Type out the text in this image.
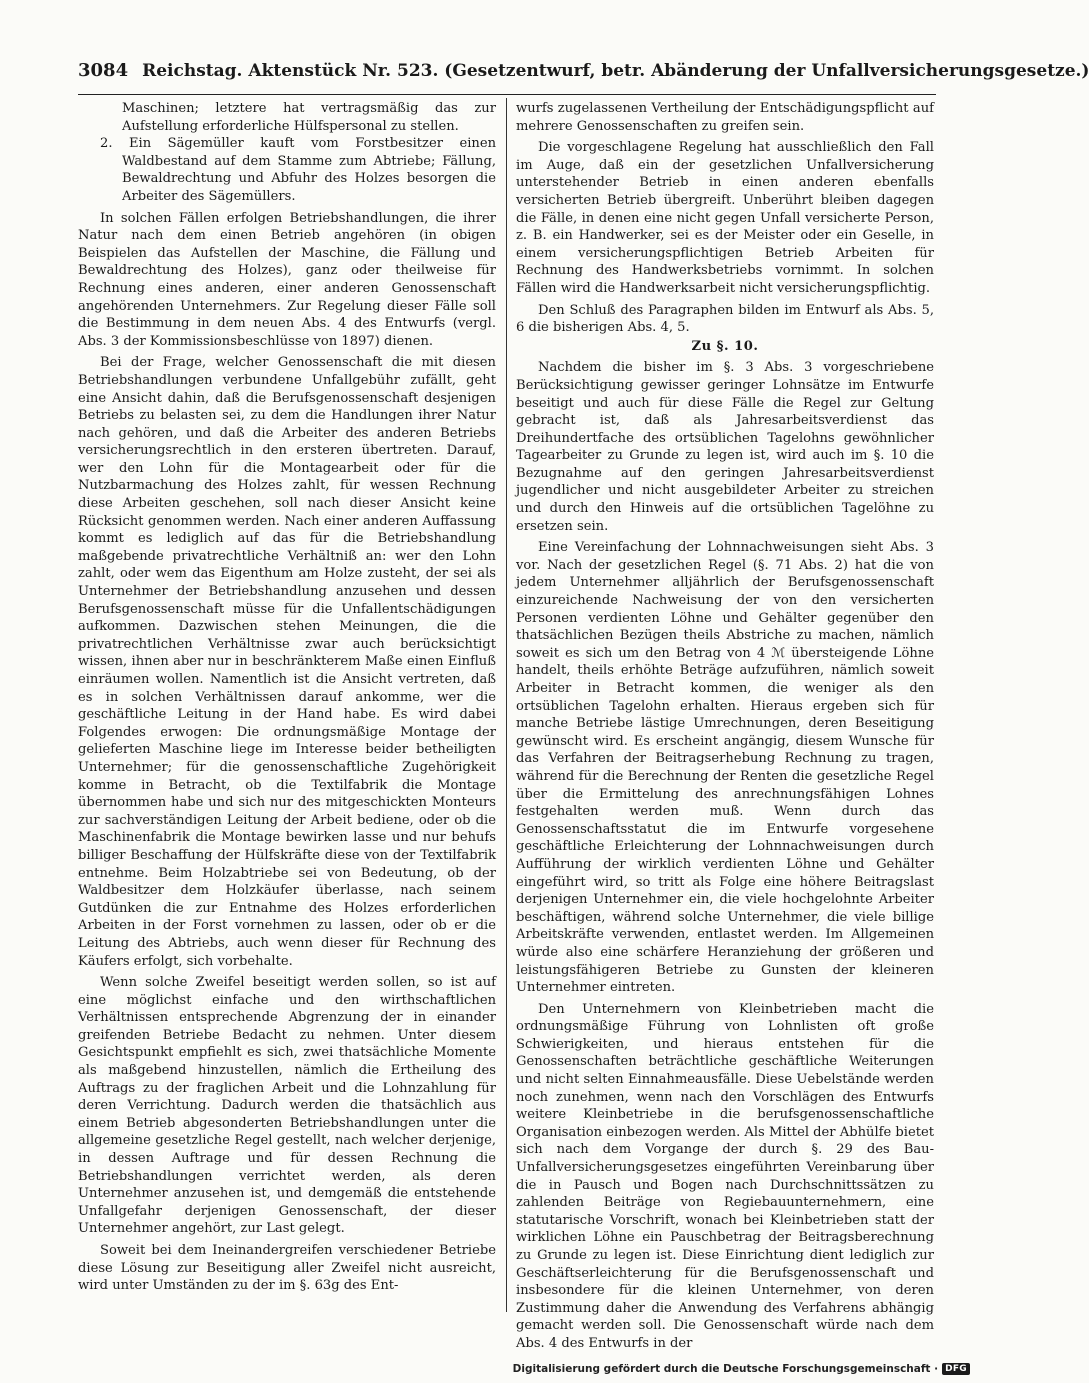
3084 Reichstag. Aktenstück Nr. 523. (Gesetzentwurf, betr. Abänderung der Unfallversicherungsgesetze.)

Maschinen; letztere hat vertragsmäßig das zur Aufstellung erforderliche Hülfspersonal zu stellen.

2. Ein Sägemüller kauft vom Forstbesitzer einen Waldbestand auf dem Stamme zum Abtriebe; Fällung, Bewaldrechtung und Abfuhr des Holzes besorgen die Arbeiter des Sägemüllers.

In solchen Fällen erfolgen Betriebshandlungen, die ihrer Natur nach dem einen Betrieb angehören (in obigen Beispielen das Aufstellen der Maschine, die Fällung und Bewaldrechtung des Holzes), ganz oder theilweise für Rechnung eines anderen, einer anderen Genossenschaft angehörenden Unternehmers. Zur Regelung dieser Fälle soll die Bestimmung in dem neuen Abs. 4 des Entwurfs (vergl. Abs. 3 der Kommissionsbeschlüsse von 1897) dienen.

Bei der Frage, welcher Genossenschaft die mit diesen Betriebshandlungen verbundene Unfallgebühr zufällt, geht eine Ansicht dahin, daß die Berufsgenossenschaft desjenigen Betriebs zu belasten sei, zu dem die Handlungen ihrer Natur nach gehören, und daß die Arbeiter des anderen Betriebs versicherungsrechtlich in den ersteren übertreten. Darauf, wer den Lohn für die Montagearbeit oder für die Nutzbarmachung des Holzes zahlt, für wessen Rechnung diese Arbeiten geschehen, soll nach dieser Ansicht keine Rücksicht genommen werden. Nach einer anderen Auffassung kommt es lediglich auf das für die Betriebshandlung maßgebende privatrechtliche Verhältniß an: wer den Lohn zahlt, oder wem das Eigenthum am Holze zusteht, der sei als Unternehmer der Betriebshandlung anzusehen und dessen Berufsgenossenschaft müsse für die Unfallentschädigungen aufkommen. Dazwischen stehen Meinungen, die die privatrechtlichen Verhältnisse zwar auch berücksichtigt wissen, ihnen aber nur in beschränkterem Maße einen Einfluß einräumen wollen. Namentlich ist die Ansicht vertreten, daß es in solchen Verhältnissen darauf ankomme, wer die geschäftliche Leitung in der Hand habe. Es wird dabei Folgendes erwogen: Die ordnungsmäßige Montage der gelieferten Maschine liege im Interesse beider betheiligten Unternehmer; für die genossenschaftliche Zugehörigkeit komme in Betracht, ob die Textilfabrik die Montage übernommen habe und sich nur des mitgeschickten Monteurs zur sachverständigen Leitung der Arbeit bediene, oder ob die Maschinenfabrik die Montage bewirken lasse und nur behufs billiger Beschaffung der Hülfskräfte diese von der Textilfabrik entnehme. Beim Holzabtriebe sei von Bedeutung, ob der Waldbesitzer dem Holzkäufer überlasse, nach seinem Gutdünken die zur Entnahme des Holzes erforderlichen Arbeiten in der Forst vornehmen zu lassen, oder ob er die Leitung des Abtriebs, auch wenn dieser für Rechnung des Käufers erfolgt, sich vorbehalte.

Wenn solche Zweifel beseitigt werden sollen, so ist auf eine möglichst einfache und den wirthschaftlichen Verhältnissen entsprechende Abgrenzung der in einander greifenden Betriebe Bedacht zu nehmen. Unter diesem Gesichtspunkt empfiehlt es sich, zwei thatsächliche Momente als maßgebend hinzustellen, nämlich die Ertheilung des Auftrags zu der fraglichen Arbeit und die Lohnzahlung für deren Verrichtung. Dadurch werden die thatsächlich aus einem Betrieb abgesonderten Betriebshandlungen unter die allgemeine gesetzliche Regel gestellt, nach welcher derjenige, in dessen Auftrage und für dessen Rechnung die Betriebshandlungen verrichtet werden, als deren Unternehmer anzusehen ist, und demgemäß die entstehende Unfallgefahr derjenigen Genossenschaft, der dieser Unternehmer angehört, zur Last gelegt.

Soweit bei dem Ineinandergreifen verschiedener Betriebe diese Lösung zur Beseitigung aller Zweifel nicht ausreicht, wird unter Umständen zu der im §. 63g des Ent-

wurfs zugelassenen Vertheilung der Entschädigungspflicht auf mehrere Genossenschaften zu greifen sein.

Die vorgeschlagene Regelung hat ausschließlich den Fall im Auge, daß ein der gesetzlichen Unfallversicherung unterstehender Betrieb in einen anderen ebenfalls versicherten Betrieb übergreift. Unberührt bleiben dagegen die Fälle, in denen eine nicht gegen Unfall versicherte Person, z. B. ein Handwerker, sei es der Meister oder ein Geselle, in einem versicherungspflichtigen Betrieb Arbeiten für Rechnung des Handwerksbetriebs vornimmt. In solchen Fällen wird die Handwerksarbeit nicht versicherungspflichtig.

Den Schluß des Paragraphen bilden im Entwurf als Abs. 5, 6 die bisherigen Abs. 4, 5.

Zu §. 10.

Nachdem die bisher im §. 3 Abs. 3 vorgeschriebene Berücksichtigung gewisser geringer Lohnsätze im Entwurfe beseitigt und auch für diese Fälle die Regel zur Geltung gebracht ist, daß als Jahresarbeitsverdienst das Dreihundertfache des ortsüblichen Tagelohns gewöhnlicher Tagearbeiter zu Grunde zu legen ist, wird auch im §. 10 die Bezugnahme auf den geringen Jahresarbeitsverdienst jugendlicher und nicht ausgebildeter Arbeiter zu streichen und durch den Hinweis auf die ortsüblichen Tagelöhne zu ersetzen sein.

Eine Vereinfachung der Lohnnachweisungen sieht Abs. 3 vor. Nach der gesetzlichen Regel (§. 71 Abs. 2) hat die von jedem Unternehmer alljährlich der Berufsgenossenschaft einzureichende Nachweisung der von den versicherten Personen verdienten Löhne und Gehälter gegenüber den thatsächlichen Bezügen theils Abstriche zu machen, nämlich soweit es sich um den Betrag von 4 ℳ übersteigende Löhne handelt, theils erhöhte Beträge aufzuführen, nämlich soweit Arbeiter in Betracht kommen, die weniger als den ortsüblichen Tagelohn erhalten. Hieraus ergeben sich für manche Betriebe lästige Umrechnungen, deren Beseitigung gewünscht wird. Es erscheint angängig, diesem Wunsche für das Verfahren der Beitragserhebung Rechnung zu tragen, während für die Berechnung der Renten die gesetzliche Regel über die Ermittelung des anrechnungsfähigen Lohnes festgehalten werden muß. Wenn durch das Genossenschaftsstatut die im Entwurfe vorgesehene geschäftliche Erleichterung der Lohnnachweisungen durch Aufführung der wirklich verdienten Löhne und Gehälter eingeführt wird, so tritt als Folge eine höhere Beitragslast derjenigen Unternehmer ein, die viele hochgelohnte Arbeiter beschäftigen, während solche Unternehmer, die viele billige Arbeitskräfte verwenden, entlastet werden. Im Allgemeinen würde also eine schärfere Heranziehung der größeren und leistungsfähigeren Betriebe zu Gunsten der kleineren Unternehmer eintreten.

Den Unternehmern von Kleinbetrieben macht die ordnungsmäßige Führung von Lohnlisten oft große Schwierigkeiten, und hieraus entstehen für die Genossenschaften beträchtliche geschäftliche Weiterungen und nicht selten Einnahmeausfälle. Diese Uebelstände werden noch zunehmen, wenn nach den Vorschlägen des Entwurfs weitere Kleinbetriebe in die berufsgenossenschaftliche Organisation einbezogen werden. Als Mittel der Abhülfe bietet sich nach dem Vorgange der durch §. 29 des Bau-Unfallversicherungsgesetzes eingeführten Vereinbarung über die in Pausch und Bogen nach Durchschnittssätzen zu zahlenden Beiträge von Regiebauunternehmern, eine statutarische Vorschrift, wonach bei Kleinbetrieben statt der wirklichen Löhne ein Pauschbetrag der Beitragsberechnung zu Grunde zu legen ist. Diese Einrichtung dient lediglich zur Geschäftserleichterung für die Berufsgenossenschaft und insbesondere für die kleinen Unternehmer, von deren Zustimmung daher die Anwendung des Verfahrens abhängig gemacht werden soll. Die Genossenschaft würde nach dem Abs. 4 des Entwurfs in der

Digitalisierung gefördert durch die Deutsche Forschungsgemeinschaft · DFG
